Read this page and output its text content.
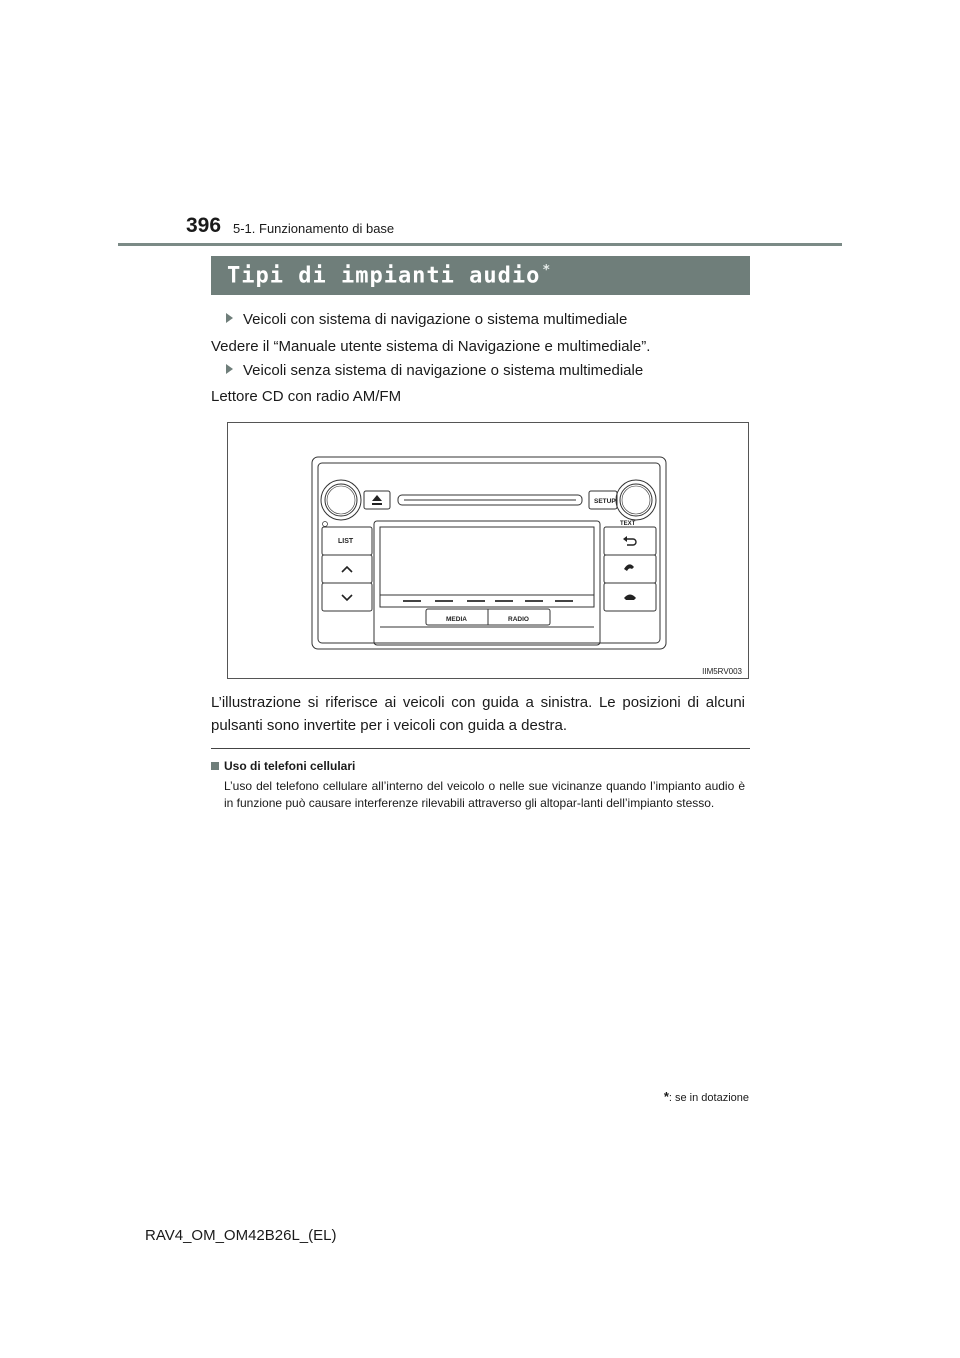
396 5-1. Funzionamento di base
Tipi di impianti audio *
Veicoli con sistema di navigazione o sistema multimediale
Vedere il “Manuale utente sistema di Navigazione e multimediale”.
Veicoli senza sistema di navigazione o sistema multimediale
Lettore CD con radio AM/FM
SETUP
TEXT
LIST
MEDIA	RADIO
IIM5RV003
L’illustrazione si riferisce ai veicoli con guida a sinistra. Le posizioni di alcuni pulsanti sono invertite per i veicoli con guida a destra.
Uso di telefoni cellulari
L’uso del telefono cellulare all’interno del veicolo o nelle sue vicinanze quando l’impianto audio è in funzione può causare interferenze rilevabili attraverso gli altopar-lanti dell’impianto stesso.
*: se in dotazione
RAV4_OM_OM42B26L_(EL)
